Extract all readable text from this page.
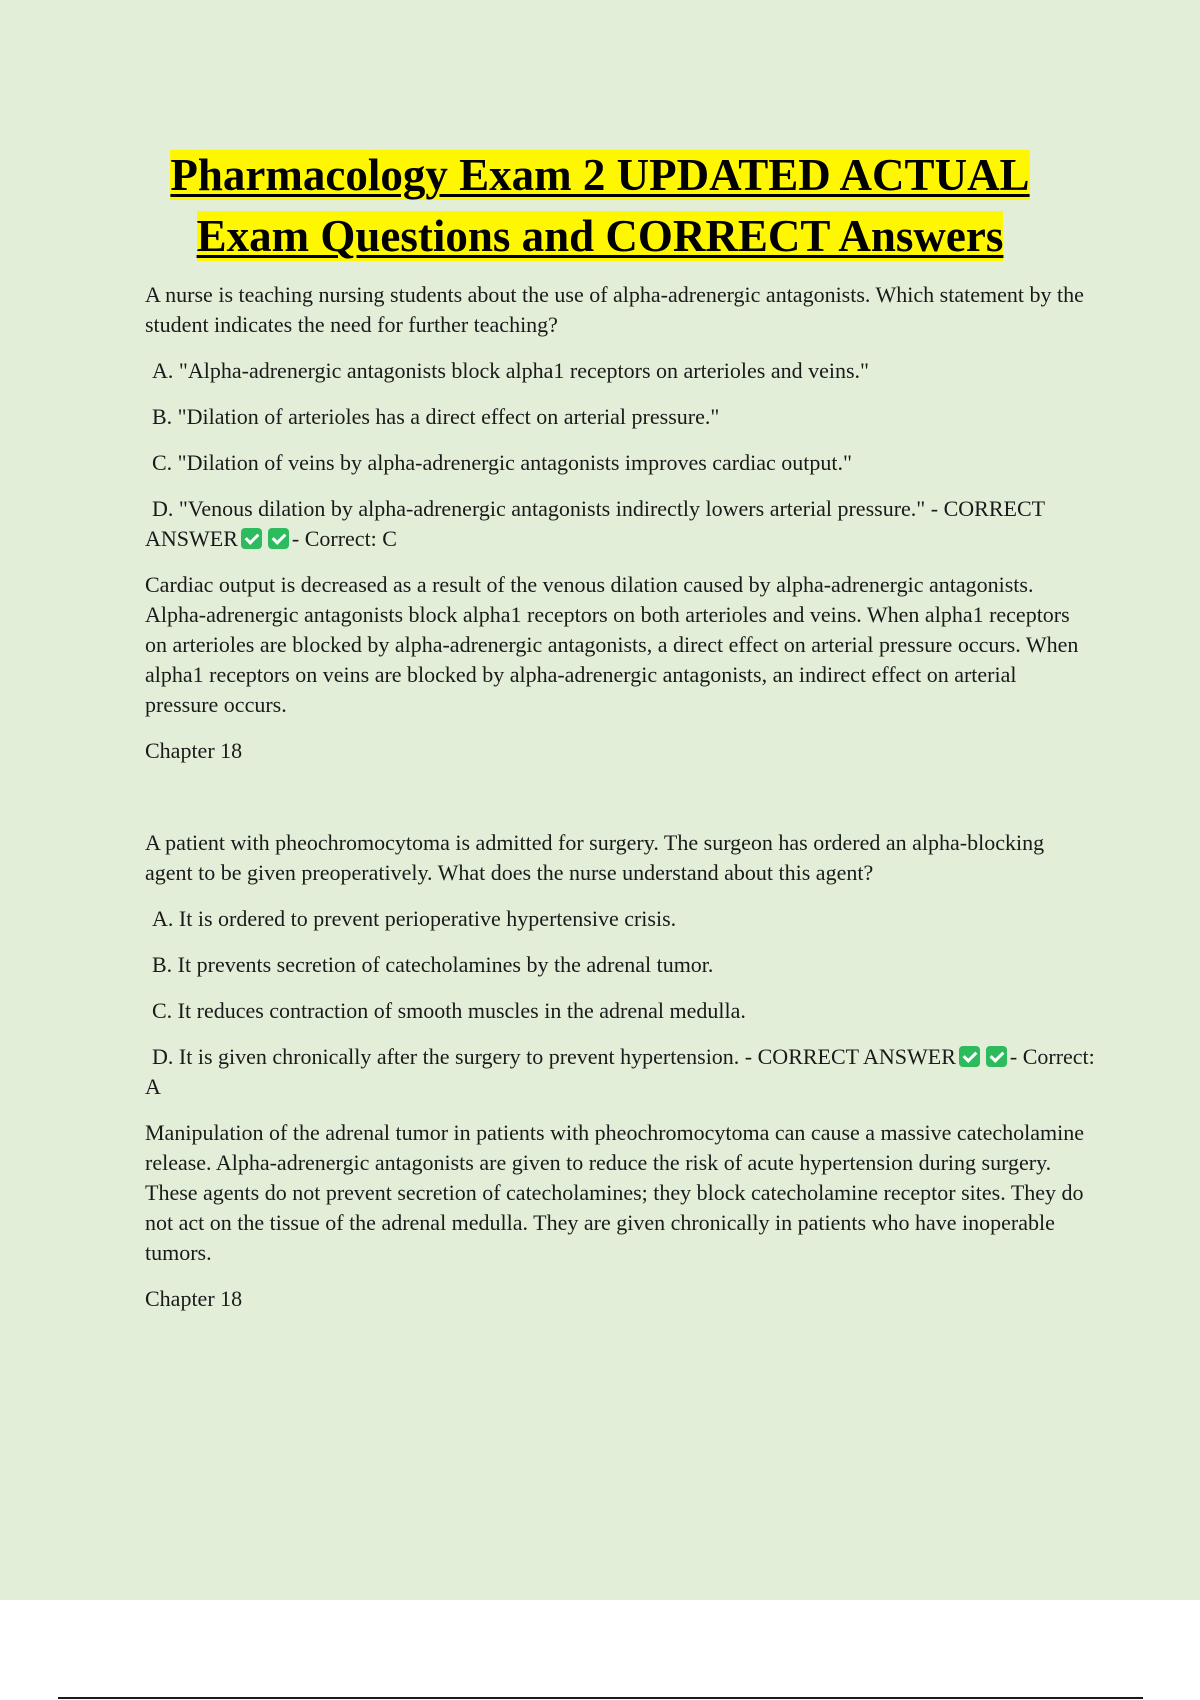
Pharmacology Exam 2 UPDATED ACTUAL
Exam Questions and CORRECT Answers

A nurse is teaching nursing students about the use of alpha-adrenergic antagonists. Which statement by the student indicates the need for further teaching?

A. "Alpha-adrenergic antagonists block alpha1 receptors on arterioles and veins."

B. "Dilation of arterioles has a direct effect on arterial pressure."

C. "Dilation of veins by alpha-adrenergic antagonists improves cardiac output."

D. "Venous dilation by alpha-adrenergic antagonists indirectly lowers arterial pressure." - CORRECT ANSWER - Correct: C

Cardiac output is decreased as a result of the venous dilation caused by alpha-adrenergic antagonists. Alpha-adrenergic antagonists block alpha1 receptors on both arterioles and veins. When alpha1 receptors on arterioles are blocked by alpha-adrenergic antagonists, a direct effect on arterial pressure occurs. When alpha1 receptors on veins are blocked by alpha-adrenergic antagonists, an indirect effect on arterial pressure occurs.

Chapter 18

A patient with pheochromocytoma is admitted for surgery. The surgeon has ordered an alpha-blocking agent to be given preoperatively. What does the nurse understand about this agent?

A. It is ordered to prevent perioperative hypertensive crisis.

B. It prevents secretion of catecholamines by the adrenal tumor.

C. It reduces contraction of smooth muscles in the adrenal medulla.

D. It is given chronically after the surgery to prevent hypertension. - CORRECT ANSWER - Correct: A

Manipulation of the adrenal tumor in patients with pheochromocytoma can cause a massive catecholamine release. Alpha-adrenergic antagonists are given to reduce the risk of acute hypertension during surgery. These agents do not prevent secretion of catecholamines; they block catecholamine receptor sites. They do not act on the tissue of the adrenal medulla. They are given chronically in patients who have inoperable tumors.

Chapter 18
